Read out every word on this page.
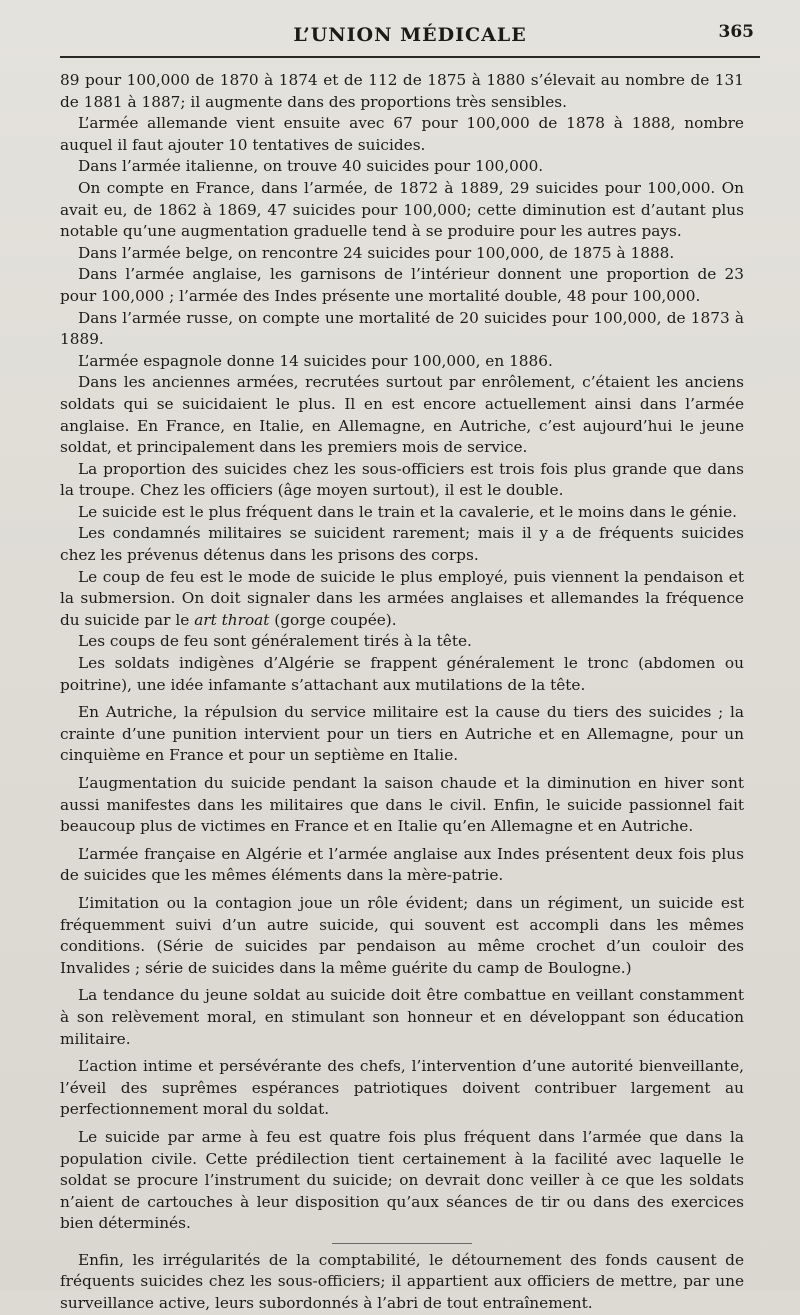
L’UNION MÉDICALE	365

89 pour 100,000 de 1870 à 1874 et de 112 de 1875 à 1880 s’élevait au nombre de 131 de 1881 à 1887; il augmente dans des proportions très sensibles.

L’armée allemande vient ensuite avec 67 pour 100,000 de 1878 à 1888, nombre auquel il faut ajouter 10 tentatives de suicides.

Dans l’armée italienne, on trouve 40 suicides pour 100,000.

On compte en France, dans l’armée, de 1872 à 1889, 29 suicides pour 100,000. On avait eu, de 1862 à 1869, 47 suicides pour 100,000; cette diminution est d’autant plus notable qu’une augmentation graduelle tend à se produire pour les autres pays.

Dans l’armée belge, on rencontre 24 suicides pour 100,000, de 1875 à 1888.

Dans l’armée anglaise, les garnisons de l’intérieur donnent une proportion de 23 pour 100,000 ; l’armée des Indes présente une mortalité double, 48 pour 100,000.

Dans l’armée russe, on compte une mortalité de 20 suicides pour 100,000, de 1873 à 1889.

L’armée espagnole donne 14 suicides pour 100,000, en 1886.

Dans les anciennes armées, recrutées surtout par enrôlement, c’étaient les anciens soldats qui se suicidaient le plus. Il en est encore actuellement ainsi dans l’armée anglaise. En France, en Italie, en Allemagne, en Autriche, c’est aujourd’hui le jeune soldat, et principalement dans les premiers mois de service.

La proportion des suicides chez les sous-officiers est trois fois plus grande que dans la troupe. Chez les officiers (âge moyen surtout), il est le double.

Le suicide est le plus fréquent dans le train et la cavalerie, et le moins dans le génie.

Les condamnés militaires se suicident rarement; mais il y a de fréquents suicides chez les prévenus détenus dans les prisons des corps.

Le coup de feu est le mode de suicide le plus employé, puis viennent la pendaison et la submersion. On doit signaler dans les armées anglaises et allemandes la fréquence du suicide par le art throat (gorge coupée).

Les coups de feu sont généralement tirés à la tête.

Les soldats indigènes d’Algérie se frappent généralement le tronc (abdomen ou poitrine), une idée infamante s’attachant aux mutilations de la tête.

En Autriche, la répulsion du service militaire est la cause du tiers des suicides ; la crainte d’une punition intervient pour un tiers en Autriche et en Allemagne, pour un cinquième en France et pour un septième en Italie.

L’augmentation du suicide pendant la saison chaude et la diminution en hiver sont aussi manifestes dans les militaires que dans le civil. Enfin, le suicide passionnel fait beaucoup plus de victimes en France et en Italie qu’en Allemagne et en Autriche.

L’armée française en Algérie et l’armée anglaise aux Indes présentent deux fois plus de suicides que les mêmes éléments dans la mère-patrie.

L’imitation ou la contagion joue un rôle évident; dans un régiment, un suicide est fréquemment suivi d’un autre suicide, qui souvent est accompli dans les mêmes conditions. (Série de suicides par pendaison au même crochet d’un couloir des Invalides ; série de suicides dans la même guérite du camp de Boulogne.)

La tendance du jeune soldat au suicide doit être combattue en veillant constamment à son relèvement moral, en stimulant son honneur et en développant son éducation militaire.

L’action intime et persévérante des chefs, l’intervention d’une autorité bienveillante, l’éveil des suprêmes espérances patriotiques doivent contribuer largement au perfectionnement moral du soldat.

Le suicide par arme à feu est quatre fois plus fréquent dans l’armée que dans la population civile. Cette prédilection tient certainement à la facilité avec laquelle le soldat se procure l’instrument du suicide; on devrait donc veiller à ce que les soldats n’aient de cartouches à leur disposition qu’aux séances de tir ou dans des exercices bien déterminés.

Enfin, les irrégularités de la comptabilité, le détournement des fonds causent de fréquents suicides chez les sous-officiers; il appartient aux officiers de mettre, par une surveillance active, leurs subordonnés à l’abri de tout entraînement.
